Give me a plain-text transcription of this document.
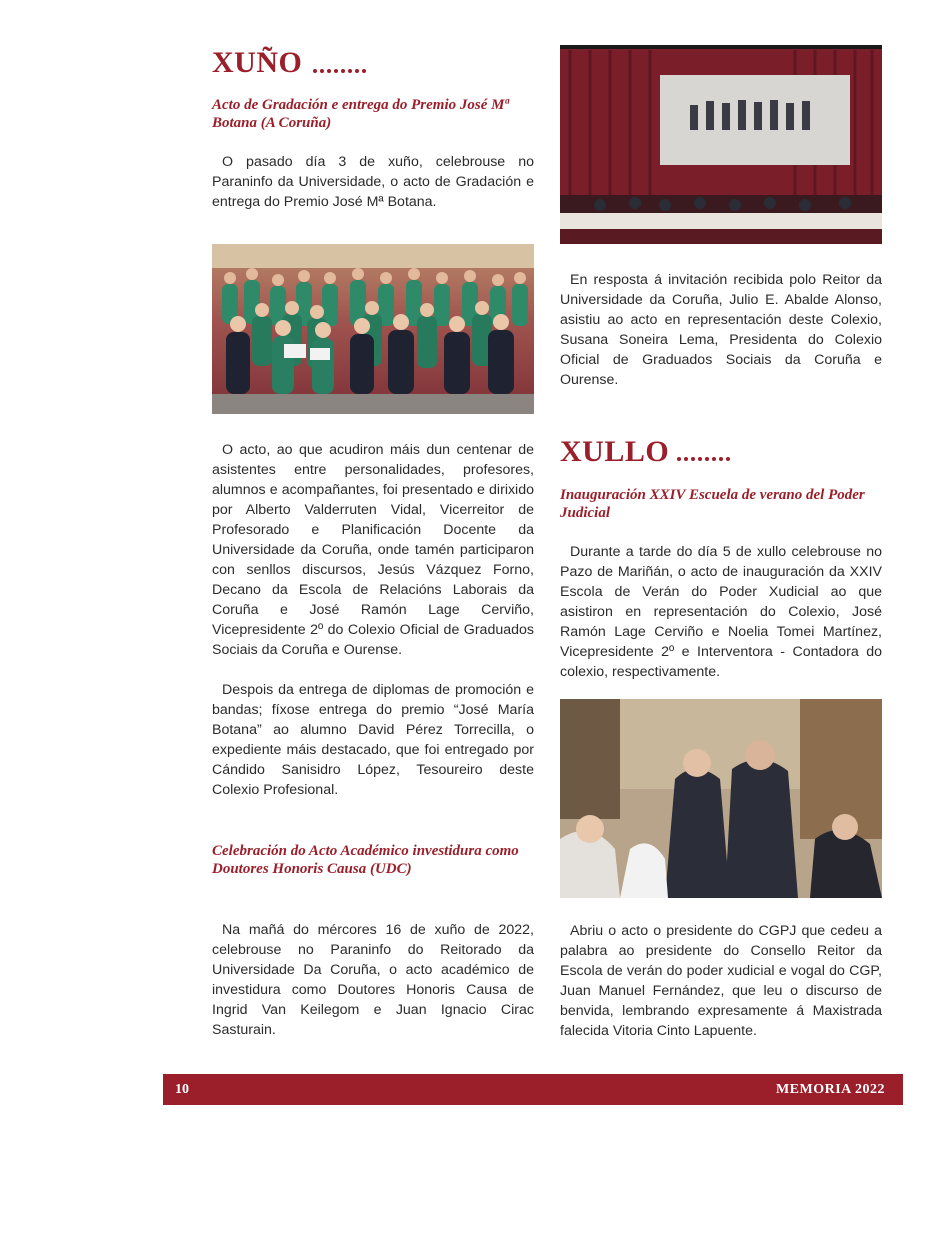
XUÑO
Acto de Gradación e entrega do Premio José Mª Botana (A Coruña)

O pasado día 3 de xuño, celebrouse no Paraninfo da Universidade, o acto de Gradación e entrega do Premio José Mª Botana.

O acto, ao que acudiron máis dun centenar de asistentes entre personalidades, profesores, alumnos e acompañantes, foi presentado e dirixido por Alberto Valderruten Vidal, Vicerreitor de Profesorado e Planificación Docente da Universidade da Coruña, onde tamén participaron con senllos discursos, Jesús Vázquez Forno, Decano da Escola de Relacións Laborais da Coruña e José Ramón Lage Cerviño, Vicepresidente 2º do Colexio Oficial de Graduados Sociais da Coruña e Ourense.

Despois da entrega de diplomas de promoción e bandas; fíxose entrega do premio “José María Botana” ao alumno David Pérez Torrecilla, o expediente máis destacado, que foi entregado por Cándido Sanisidro López, Tesoureiro deste Colexio Profesional.

Celebración do Acto Académico investidura como Doutores Honoris Causa (UDC)

Na mañá do mércores 16 de xuño de 2022, celebrouse no Paraninfo do Reitorado da Universidade Da Coruña, o acto académico de investidura como Doutores Honoris Causa de Ingrid Van Keilegom e Juan Ignacio Cirac Sasturain.

En resposta á invitación recibida polo Reitor da Universidade da Coruña, Julio E. Abalde Alonso, asistiu ao acto en representación deste Colexio, Susana Soneira Lema, Presidenta do Colexio Oficial de Graduados Sociais da Coruña e Ourense.

XULLO
Inauguración XXIV Escuela de verano del Poder Judicial

Durante a tarde do día 5 de xullo celebrouse no Pazo de Mariñán, o acto de inauguración da XXIV Escola de Verán do Poder Xudicial ao que asistiron en representación do Colexio, José Ramón Lage Cerviño e Noelia Tomei Martínez, Vicepresidente 2º e Interventora - Contadora do colexio, respectivamente.

Abriu o acto o presidente do CGPJ que cedeu a palabra ao presidente do Consello Reitor da Escola de verán do poder xudicial e vogal do CGP, Juan Manuel Fernández, que leu o discurso de benvida, lembrando expresamente á Maxistrada falecida Vitoria Cinto Lapuente.

10	MEMORIA 2022
